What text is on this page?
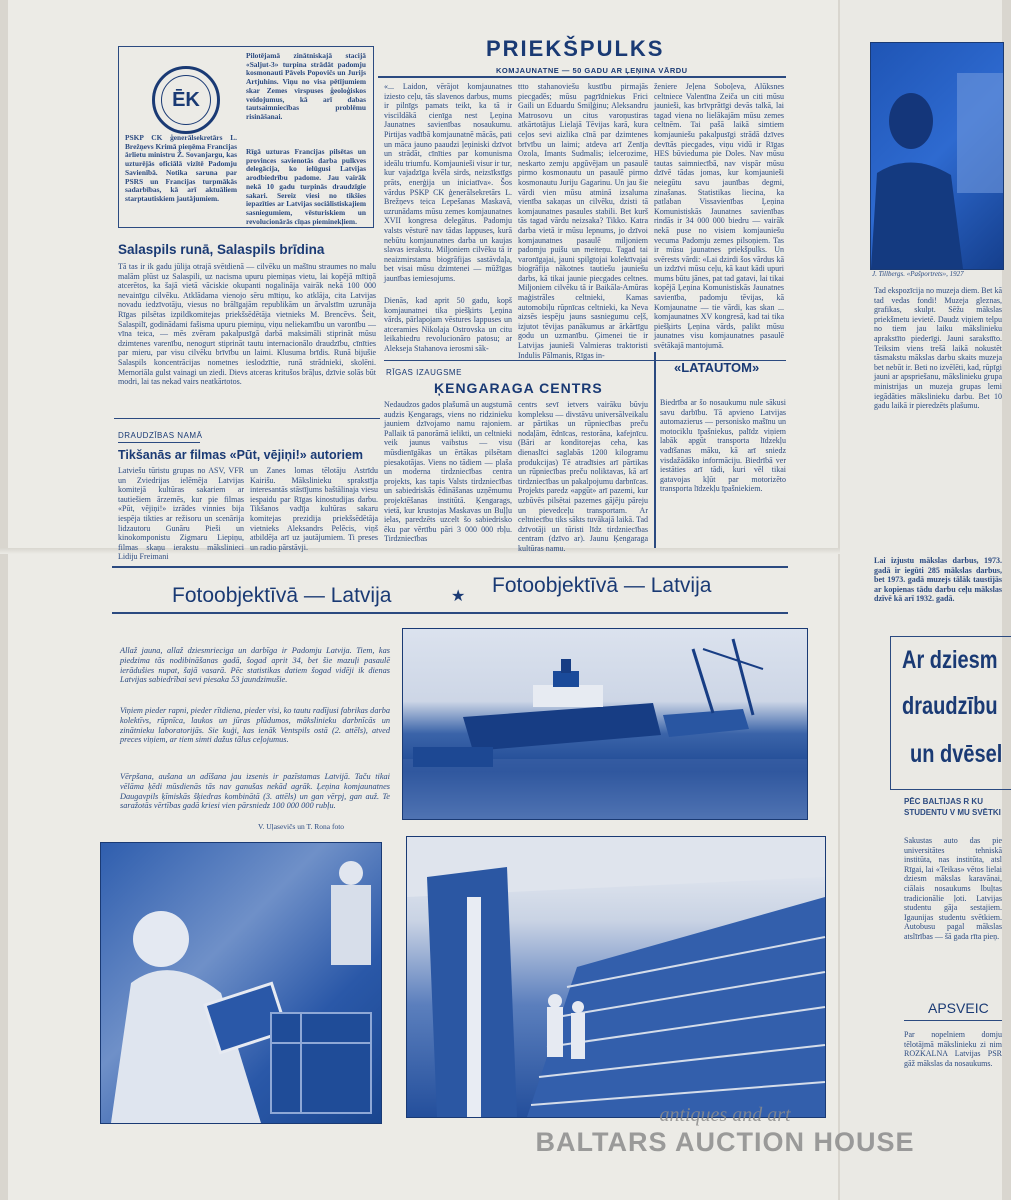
ĒK
PSKP CK ģenerālsekretārs L. Brežņevs Krimā pieņēma Francijas ārlietu ministru Ž. Sovanjargu, kas uzturējās oficiālā vizītē Padomju Savienībā. Notika saruna par PSRS un Francijas turpmākās sadarbības, kā arī aktuāliem starptautiskiem jautājumiem.
Pilotējamā zinātniskajā stacijā «Saljut-3» turpina strādāt padomju kosmonauti Pāvels Popovičs un Jurijs Artjuhins. Viņu no visa pētījumiem skar Zemes virspuses ģeoloģiskos veidojumus, kā arī dabas tautsaimniecības problēmu risināšanai.
Rīgā uzturas Francijas pilsētas un provinces savienotās darba pulkves delegācija, ko ielūgusi Latvijas arodbiedrību padome. Jau vairāk nekā 10 gadu turpinās draudzīgie sakari. Sereiz viesi no tikšies iepazīties ar Latvijas sociālistiskajiem sasniegumiem, vēsturiskiem un revolucionārās cīņas pieminekļiem.
PRIEKŠPULKS
KOMJAUNATNE — 50 GADU AR ĻEŅINA VĀRDU
Salaspils runā, Salaspils brīdina
Tā tas ir ik gadu jūlija otrajā svētdienā — cilvēku un mašīnu straumes no malu malām plūst uz Salaspili, uz nacisma upuru piemiņas vietu, lai kopējā mītiņā atcerētos, ka šajā vietā vāciskie okupanti nogalināja vairāk nekā 100 000 nevainīgu cilvēku. Atklādama vienojo sēru mītiņu, ko atklāja, cita Latvijas novadu iedzīvotāju, viesus no brālīgajām republikām un ārvalstīm uzrunāja Rīgas pilsētas izpildkomitejas priekšsēdētāja vietnieks M. Brencēvs. Šeit, Salaspilī, godinādami fašisma upuru piemiņu, viņu neliekamību un varonību — vīna teica, — mēs zvēram pakalpusīgā darbā maksimāli stiprināt mūsu dzimtenes varenību, nenogurt stiprināt tautu internacionālo draudzību, cīnīties par mieru, par visu cilvēku brīvību un laimi. Klusuma brīdis. Runā bijušie Salaspils koncentrācijas nometnes ieslodzītie, runā strādnieki, skolēni. Memoriāla gulst vainagi un ziedi. Dievs atceras kritušos brāļus, dzīvie solās būt modri, lai tas nekad vairs neatkārtotos.
DRAUDZĪBAS NAMĀ
Tikšanās ar filmas «Pūt, vējiņi!» autoriem
Latviešu tūristu grupas no ASV, VFR un Zviedrijas ielēmēja Latvijas komitejā kultūras sakariem ar tautiešiem ārzemēs, kur pie filmas «Pūt, vējiņi!» izrādes vinnies bija iespēja tikties ar režisoru un scenārija lidzautoru Gunāru Pieši un kinokomponistu Zigmaru Liepiņu, filmas skaņu ierakstu mākslinieci Lidiju Freimani
un Zanes lomas tēlotāju Astrīdu Kairišu. Mākslinieku sprakstīja interesantās stāstījums baštālinaja viesu iespaidu par Rīgas kinostudijas darbu. Tikšanos vadīja kultūras sakaru komitejas prezidija priekšsēdētāja vietnieks Aleksandrs Pelēcis, viņš atbildēja arī uz jautājumiem. Ti preses un radio pārstāvji.
«... Laidon, vērājot komjaunatnes iziesto ceļu, tās slavenos darbus, mums ir pilnīgs pamats teikt, ka tā ir viscildākā cienīga nest Ļeņina Jaunatnes savienības nosaukumu. Pirtijas vadībā komjaunatnē mācās, pati un māca jauno paaudzi ļeņiniski dzīvot un strādāt, cīnīties par komunisma ideālu triumfu. Komjaunieši visur ir tur, kur vajadzīga kvēla sirds, neizsīkstīgs prāts, enerģija un iniciatīva». Šos vārdus PSKP CK ģenerālsekretārs L. Brežņevs teica Lepešanas Maskavā, uzrunādams mūsu zemes komjaunatnes XVII kongresa delegātus. Padomju valsts vēsturē nav tādas lappuses, kurā nebūtu komjaunatnes darba un kaujas slavas ierakstu. Miljoniem cilvēku tā ir neaizmirstama biogrāfijas sastāvdaļa, bet visai mūsu dzimtenei — mūžīgas jaunības iemiesojums.
Dienās, kad aprit 50 gadu, kopš komjaunatnei tika piešķirts Ļeņina vārds, pārlapojam vēstures lappuses un atceramies Nikolaja Ostrovska un citu leikabiedru revolucionāro patosu; ar Alekseja Stahanova ierosmi sāk-
ttto stahanoviešu kustību pirmajās piecgadēs; mūsu pagrīdniekus Frici Gaili un Eduardu Smiļģinu; Aleksandru Matrosovu un citus varoņustiras atkārtotājus Lielajā Tēvijas karā, kura ceļos sevi aizlika cīnā par dzimtenes brīvību un laimi; atdeva arī Zenīja Ozola, Imants Sudmalis; ielcerozime, neskarto zemju apgūvējam un pasaulē pirmo kosmonautu un pasaulē pirmo kosmonautu Juriju Gagarinu. Un jau šie vārdi vien mūsu atminā izsaluma vienība sakaņas un cilvēku, dzisti tā komjaunatnes pasaules stabili. Bet kurš tās tagad vārdu neizsaka? Tikko. Katra darba vietā ir mūsu lepnums, jo dzīvoi komjaunatnes pasaulē miljoniem padomju puišu un meiteņu. Tagad tai varonīgajai, jauni spilgtojai kolektīvajai biogrāfija nākotnes tautiešu jauniešu darbs, kā tikai jaunie piecgades celtnes. Miljoniem cilvēku tā ir Baikāla-Amūras maģistrāles celtnieki, Kamas automobiļu rūpnīcas celtnieki, ka Neva aizsēs iespēju jauns sasniegumu ceļš, izjutot tēvijas panākumus ar ārkārtīgu godu un uzmanību. Ģimenei tie ir Latvijas jaunieši Valmieras traktoristi Indulis Pālmanis, Rīgas in-
ženiere Jeļena Soboļeva, Alūksnes celtniece Valentīna Zeiča un citi mūsu jaunieši, kas brīvprātīgi devās talkā, lai tagad viena no lielākajām mūsu zemes celtnēm. Tai pašā laikā simtiem komjauniešu pakalpusīgi strādā dzīves devītās piecgades, viņu vidū ir Rīgas HES būvieduma pie Doles. Nav mūsu tautas saimniecībā, nav vispār mūsu dzīvē tādas jomas, kur komjaunieši neiegūtu savu jaunības degmi, zinašanas. Statistikas liecina, ka patlaban Vissavienības Ļeņina Komunistiskās Jaunatnes savienības rindās ir 34 000 000 biedru — vairāk nekā puse no visiem komjauniešu vecuma Padomju zemes pilsoņiem. Tas ir mūsu jaunatnes priekšpulks. Un svērests vārdi: «Lai dzirdi šos vārdus kā un izdzīvi mūsu ceļu, kā kaut kādi upuri mums būtu jānes, pat tad gatavi, lai tikai kopējā Ļeņina Komunistiskās Jaunatnes savienība, padomju tēvijas, kā Komjaunatne — tie vārdi, kas skan ... komjaunatnes XV kongresā, kad tai tika piešķirts Ļeņina vārds, palikt mūsu jaunatnes visu komjaunatnes pasaulē svētākajā mantojumā.
RĪGAS IZAUGSME
ĶENGARAGA CENTRS
Nedaudzos gados plašumā un augstumā audzis Ķengarags, viens no ridzinieku jauniem dzīvojamo namu rajoniem. Pallaik tā panorāmā ielikti, un celtnieki veik jaunus vaibstus — visu mūsdienīgākas un ērtākas pilsētam piesakotājas. Viens no tādiem — plaša un moderna tirdzniecības centra projekts, kas tapis Valsts tirdzniecības un sabiedriskās ēdināšanas uzņēmumu projektēšanas institūtā. Ķengarags, vietā, kur krustojas Maskavas un Buļļu ielas, paredzēts uzcelt šo sabiedrisko ēku par vērtību pāri 3 000 000 rbļu. Tirdzniecības
centrs sevī ietvers vairāku būvju kompleksu — divstāvu universālveikalu ar pārtikas un rūpniecības preču nodaļām, ēdnīcas, restorāna, kafejnīcu. (Bāri ar konditorejas ceha, kas dienaslīci saglabās 1200 kilogramu produkcijas) Tē atradīsies arī pārtikas un rūpniecības preču noliktavas, kā arī tirdzniecības un pakalpojumu darbnīcas. Projekts paredz «apgūt» arī pazemi, kur uzbūvēs pilsētai pazemes gājēju pāreju un pievedceļu transportam. Ar celtniecību tiks sākts tuvākajā laikā. Tad dzīvotāji un tūristi līdz tirdzniecības centram (dzīvo ar). Jaunu Ķengaraga kultūras namu.
«LATAUTOM»
Biedrība ar šo nosaukumu nule sākusi savu darbību. Tā apvieno Latvijas automazierus — personisko mašīnu un motociklu īpašniekus, palīdz viņiem labāk apgūt transporta līdzekļu vadīšanas māku, kā arī sniedz visdažādāko informāciju. Biedrībā ver iestāties arī tādi, kuri vēl tikai gatavojas kļūt par motorizēto transporta līdzekļu īpašniekiem.
Fotoobjektīvā — Latvija	★ Fotoobjektīvā — Latvija
Allaž jauna, allaž dziesmrieciga un darbīga ir Padomju Latvija. Tiem, kas piedzima tās nodibināšanas gadā, šogad aprit 34, bet šie mazuļi pasaulē ierādušies nupat, šajā vasarā. Pēc statistikas datiem šogad vidēji ik dienas Latvijas sabiedrībai sevi piesaka 53 jaundzimušie.
Viņiem pieder rapni, pieder rītdiena, pieder visi, ko tautu radījusi fabrikas darba kolektīvs, rūpnīca, laukos un jūras plūdumos, mākslinieku darbnīcās un zinātnieku laboratorijās. Sie kuģi, kas ienāk Ventspils ostā (2. attēls), atved preces viņiem, ar tiem simti dažus tālus ceļojumus.
Vērpšana, aušana un adīšana jau izsenis ir pazīstamas Latvijā. Taču tikai vēlāma ķēdi mūsdienās tās nav ganušas nekād agrāk. Ļeņina komjaunatnes Daugavpils ķīmiskās šķiedras kombinātā (3. attēls) un gan vērpj, gan auž. Te saražotās vērtības gadā kriesi vien pārsniedz 100 000 000 rubļu.
V. Uļasevičs un T. Rona foto
J. Tillbergs. «Pašportrets», 1927
Tad ekspozīcija no muzeja diem. Bet kā tad vedas fondi! Muzeja gleznas, grafikas, skulpt. Sēžu mākslas priekšmetu ievietē. Daudz viņiem telpu no tiem jau laiku mākslinieku aprakstīto piederīgi. Jauni sarakstīto. Teiksim viens trešā laikā nokustēt tāsmakstu mākslas darbu skaits muzeja bet nebūt ir. Beti no izvēlēti, kad, rūpīgi jauni ar apspriešanu, mākslinieku grupa ministrijas un muzeja grupas lemi iegādāties mākslinieku darbu. Bet 10 gadu laikā ir pieredzēts plašumu.
Lai izjustu mākslas darbus, 1973. gadā ir iegūti 285 mākslas darbus, bet 1973. gadā muzejs tālāk taustījās ar kopienas tādu darbu ceļu mākslas dzīvē kā arī 1932. gadā.
Ar dziesm
draudzību
un dvēsel
PĒC BALTIJAS R KU STUDENTU V MU SVĒTKI
Sakustas auto das pie universitātes tehniskā institūta, nas institūta, atsl Rīgai, lai «Teikas» vētos lielai dziesm mākslas karavānai, ciālais nosaukums lbuļtas tradicionālie ļoti. Latvijas studentu gāja sestajiem. Igaunijas studentu svētkiem. Autobusu pagal mākslas atslīrības — šā gada rīta pieņ.
APSVEIC
Par nopelniem domju tēlotājmā mākslinieku zi nim ROZKALNA Latvijas PSR gāž mākslas da nosaukums.
antiques and art
BALTARS AUCTION HOUSE
